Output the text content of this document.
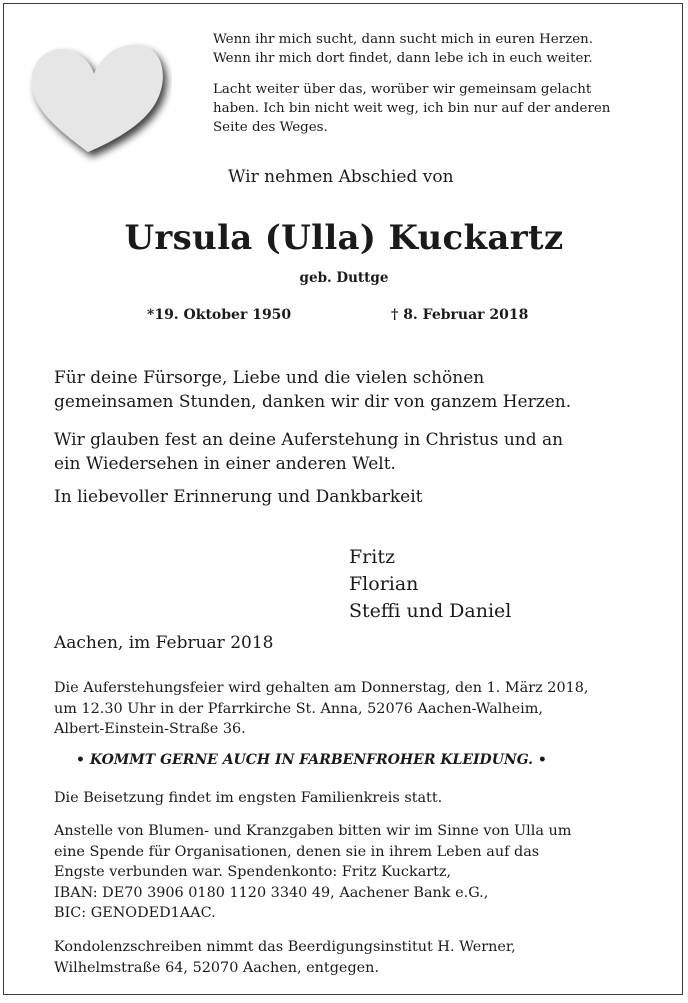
Wenn ihr mich sucht, dann sucht mich in euren Herzen.
Wenn ihr mich dort findet, dann lebe ich in euch weiter.

Lacht weiter über das, worüber wir gemeinsam gelacht
haben. Ich bin nicht weit weg, ich bin nur auf der anderen
Seite des Weges.

Wir nehmen Abschied von
Ursula (Ulla) Kuckartz
geb. Duttge
*19. Oktober 1950	† 8. Februar 2018

Für deine Fürsorge, Liebe und die vielen schönen
gemeinsamen Stunden, danken wir dir von ganzem Herzen.

Wir glauben fest an deine Auferstehung in Christus und an
ein Wiedersehen in einer anderen Welt.

In liebevoller Erinnerung und Dankbarkeit

Fritz
Florian
Steffi und Daniel
Aachen, im Februar 2018

Die Auferstehungsfeier wird gehalten am Donnerstag, den 1. März 2018,
um 12.30 Uhr in der Pfarrkirche St. Anna, 52076 Aachen-Walheim,
Albert-Einstein-Straße 36.

• KOMMT GERNE AUCH IN FARBENFROHER KLEIDUNG. •

Die Beisetzung findet im engsten Familienkreis statt.

Anstelle von Blumen- und Kranzgaben bitten wir im Sinne von Ulla um
eine Spende für Organisationen, denen sie in ihrem Leben auf das
Engste verbunden war. Spendenkonto: Fritz Kuckartz,
IBAN: DE70 3906 0180 1120 3340 49, Aachener Bank e.G.,
BIC: GENODED1AAC.

Kondolenzschreiben nimmt das Beerdigungsinstitut H. Werner,
Wilhelmstraße 64, 52070 Aachen, entgegen.
